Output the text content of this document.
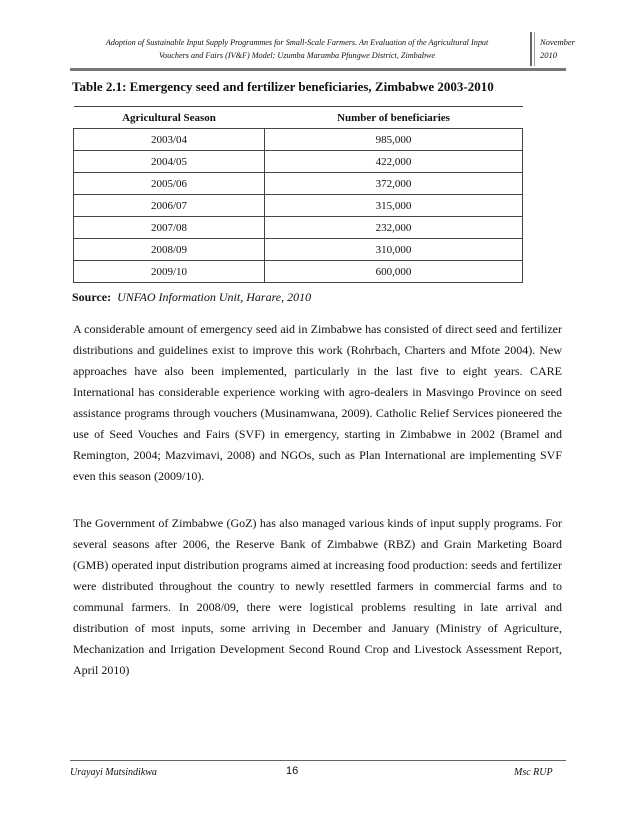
Adoption of Sustainable Input Supply Programmes for Small-Scale Farmers. An Evaluation of the Agricultural Input
Vouchers and Fairs (IV&F) Model: Uzumba Maramba Pfungwe District, Zimbabwe
November
2010
Table 2.1: Emergency seed and fertilizer beneficiaries, Zimbabwe 2003-2010
Agricultural Season	Number of beneficiaries
2003/04	985,000
2004/05	422,000
2005/06	372,000
2006/07	315,000
2007/08	232,000
2008/09	310,000
2009/10	600,000
Source: UNFAO Information Unit, Harare, 2010

A considerable amount of emergency seed aid in Zimbabwe has consisted of direct seed and fertilizer distributions and guidelines exist to improve this work (Rohrbach, Charters and Mfote 2004). New approaches have also been implemented, particularly in the last five to eight years. CARE International has considerable experience working with agro-dealers in Masvingo Province on seed assistance programs through vouchers (Musinamwana, 2009). Catholic Relief Services pioneered the use of Seed Vouches and Fairs (SVF) in emergency, starting in Zimbabwe in 2002 (Bramel and Remington, 2004; Mazvimavi, 2008) and NGOs, such as Plan International are implementing SVF even this season (2009/10).

The Government of Zimbabwe (GoZ) has also managed various kinds of input supply programs. For several seasons after 2006, the Reserve Bank of Zimbabwe (RBZ) and Grain Marketing Board (GMB) operated input distribution programs aimed at increasing food production: seeds and fertilizer were distributed throughout the country to newly resettled farmers in commercial farms and to communal farmers. In 2008/09, there were logistical problems resulting in late arrival and distribution of most inputs, some arriving in December and January (Ministry of Agriculture, Mechanization and Irrigation Development Second Round Crop and Livestock Assessment Report, April 2010)

Urayayi Mutsindikwa	16	Msc RUP
